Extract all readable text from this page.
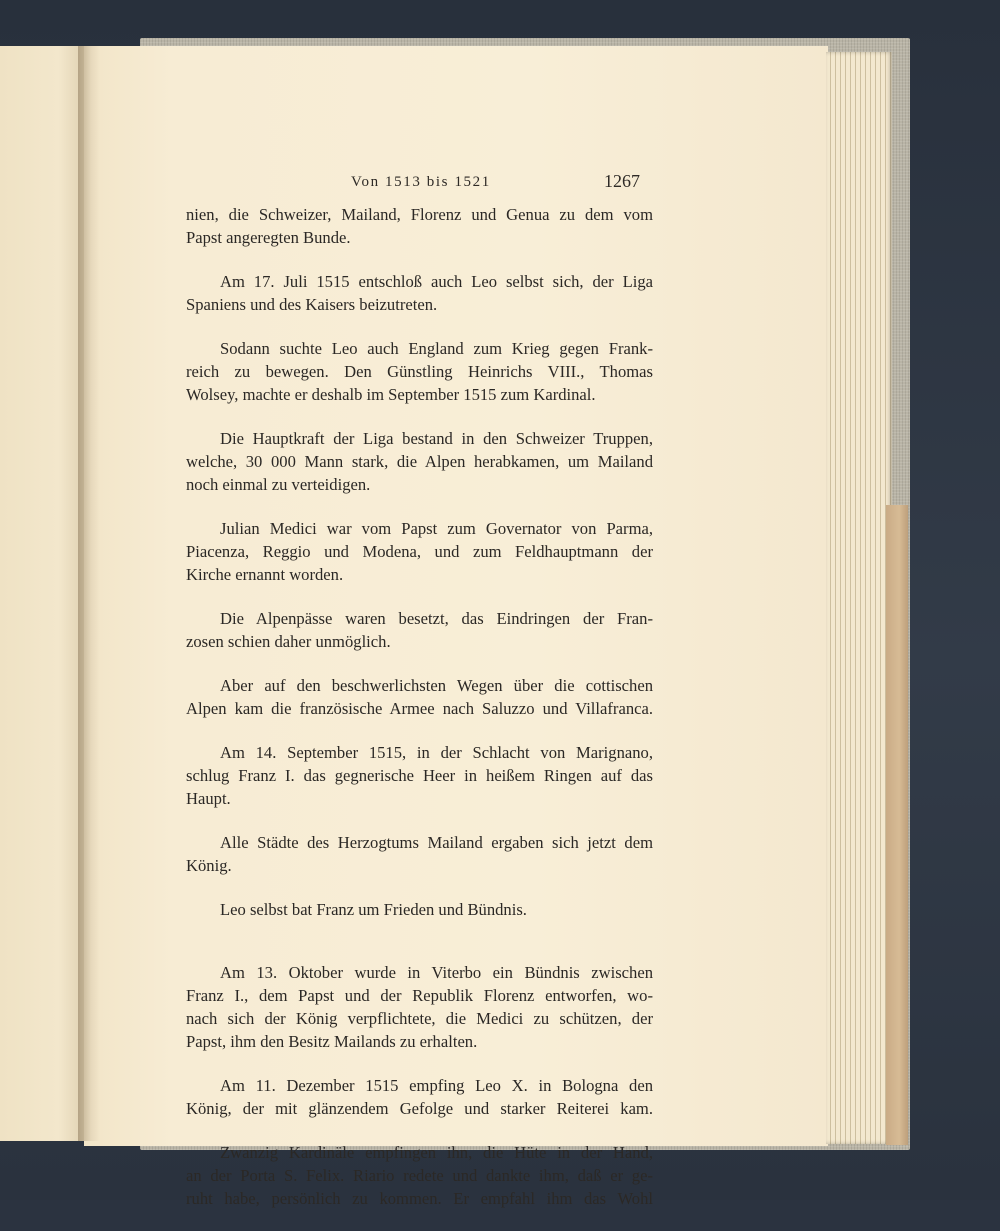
Von 1513 bis 1521	1267

nien, die Schweizer, Mailand, Florenz und Genua zu dem vom
Papst angeregten Bunde.

Am 17. Juli 1515 entschloß auch Leo selbst sich, der Liga
Spaniens und des Kaisers beizutreten.

Sodann suchte Leo auch England zum Krieg gegen Frank-
reich zu bewegen. Den Günstling Heinrichs VIII., Thomas
Wolsey, machte er deshalb im September 1515 zum Kardinal.

Die Hauptkraft der Liga bestand in den Schweizer Truppen,
welche, 30 000 Mann stark, die Alpen herabkamen, um Mailand
noch einmal zu verteidigen.

Julian Medici war vom Papst zum Governator von Parma,
Piacenza, Reggio und Modena, und zum Feldhauptmann der
Kirche ernannt worden.

Die Alpenpässe waren besetzt, das Eindringen der Fran-
zosen schien daher unmöglich.

Aber auf den beschwerlichsten Wegen über die cottischen
Alpen kam die französische Armee nach Saluzzo und Villafranca.

Am 14. September 1515, in der Schlacht von Marignano,
schlug Franz I. das gegnerische Heer in heißem Ringen auf das
Haupt.

Alle Städte des Herzogtums Mailand ergaben sich jetzt dem
König.

Leo selbst bat Franz um Frieden und Bündnis.

Am 13. Oktober wurde in Viterbo ein Bündnis zwischen
Franz I., dem Papst und der Republik Florenz entworfen, wo-
nach sich der König verpflichtete, die Medici zu schützen, der
Papst, ihm den Besitz Mailands zu erhalten.

Am 11. Dezember 1515 empfing Leo X. in Bologna den
König, der mit glänzendem Gefolge und starker Reiterei kam.

Zwanzig Kardinäle empfingen ihn, die Hüte in der Hand,
an der Porta S. Felix. Riario redete und dankte ihm, daß er ge-
ruht habe, persönlich zu kommen. Er empfahl ihm das Wohl
